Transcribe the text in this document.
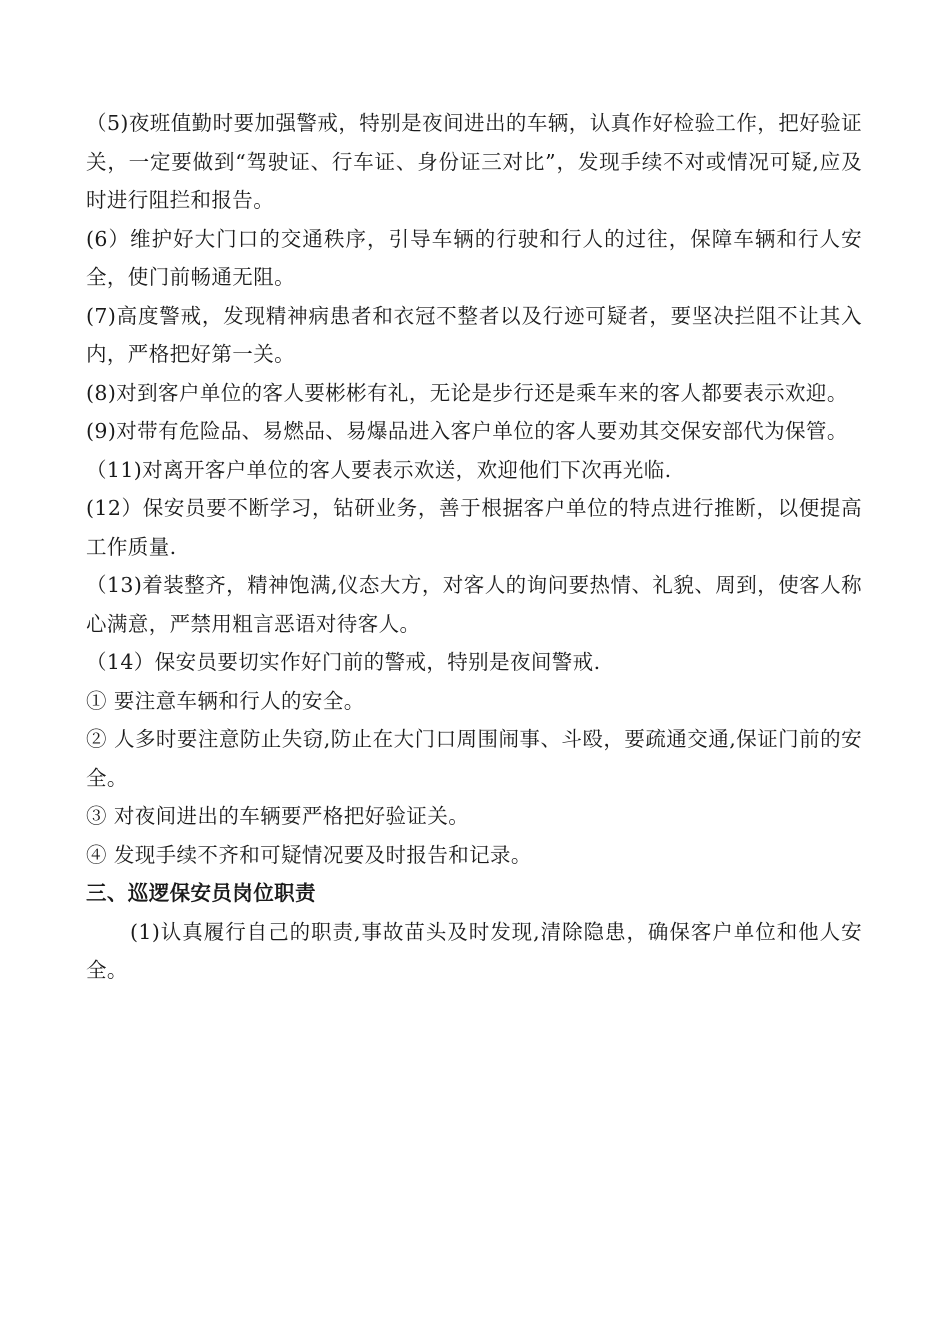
（5)夜班值勤时要加强警戒，特别是夜间进出的车辆，认真作好检验工作，把好验证关，一定要做到“驾驶证、行车证、身份证三对比”，发现手续不对或情况可疑,应及时进行阻拦和报告。

(6）维护好大门口的交通秩序，引导车辆的行驶和行人的过往，保障车辆和行人安全，使门前畅通无阻。

(7)高度警戒，发现精神病患者和衣冠不整者以及行迹可疑者，要坚决拦阻不让其入内，严格把好第一关。

(8)对到客户单位的客人要彬彬有礼，无论是步行还是乘车来的客人都要表示欢迎。

(9)对带有危险品、易燃品、易爆品进入客户单位的客人要劝其交保安部代为保管。

（11)对离开客户单位的客人要表示欢送，欢迎他们下次再光临.

(12）保安员要不断学习，钻研业务，善于根据客户单位的特点进行推断，以便提高工作质量.

（13)着装整齐，精神饱满,仪态大方，对客人的询问要热情、礼貌、周到，使客人称心满意，严禁用粗言恶语对待客人。

（14）保安员要切实作好门前的警戒，特别是夜间警戒.

① 要注意车辆和行人的安全。

② 人多时要注意防止失窃,防止在大门口周围闹事、斗殴，要疏通交通,保证门前的安全。

③ 对夜间进出的车辆要严格把好验证关。

④ 发现手续不齐和可疑情况要及时报告和记录。

三、巡逻保安员岗位职责

(1)认真履行自己的职责,事故苗头及时发现,清除隐患，确保客户单位和他人安全。
